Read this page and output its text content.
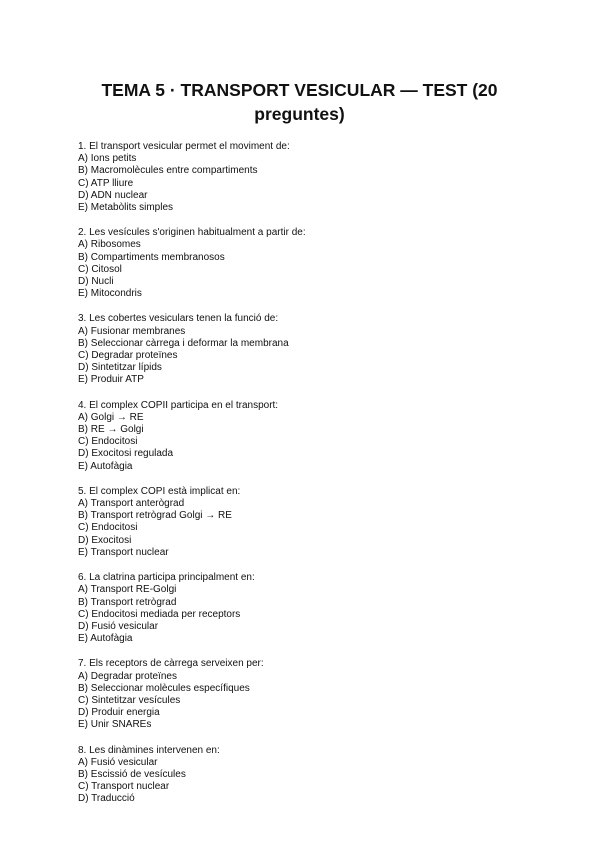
TEMA 5 · TRANSPORT VESICULAR — TEST (20 preguntes)
1. El transport vesicular permet el moviment de:
A) Ions petits
B) Macromolècules entre compartiments
C) ATP lliure
D) ADN nuclear
E) Metabòlits simples
2. Les vesícules s'originen habitualment a partir de:
A) Ribosomes
B) Compartiments membranosos
C) Citosol
D) Nucli
E) Mitocondris
3. Les cobertes vesiculars tenen la funció de:
A) Fusionar membranes
B) Seleccionar càrrega i deformar la membrana
C) Degradar proteïnes
D) Sintetitzar lípids
E) Produir ATP
4. El complex COPII participa en el transport:
A) Golgi → RE
B) RE → Golgi
C) Endocitosi
D) Exocitosi regulada
E) Autofàgia
5. El complex COPI està implicat en:
A) Transport anterògrad
B) Transport retrògrad Golgi → RE
C) Endocitosi
D) Exocitosi
E) Transport nuclear
6. La clatrina participa principalment en:
A) Transport RE-Golgi
B) Transport retrògrad
C) Endocitosi mediada per receptors
D) Fusió vesicular
E) Autofàgia
7. Els receptors de càrrega serveixen per:
A) Degradar proteïnes
B) Seleccionar molècules específiques
C) Sintetitzar vesícules
D) Produir energia
E) Unir SNAREs
8. Les dinàmines intervenen en:
A) Fusió vesicular
B) Escissió de vesícules
C) Transport nuclear
D) Traducció
